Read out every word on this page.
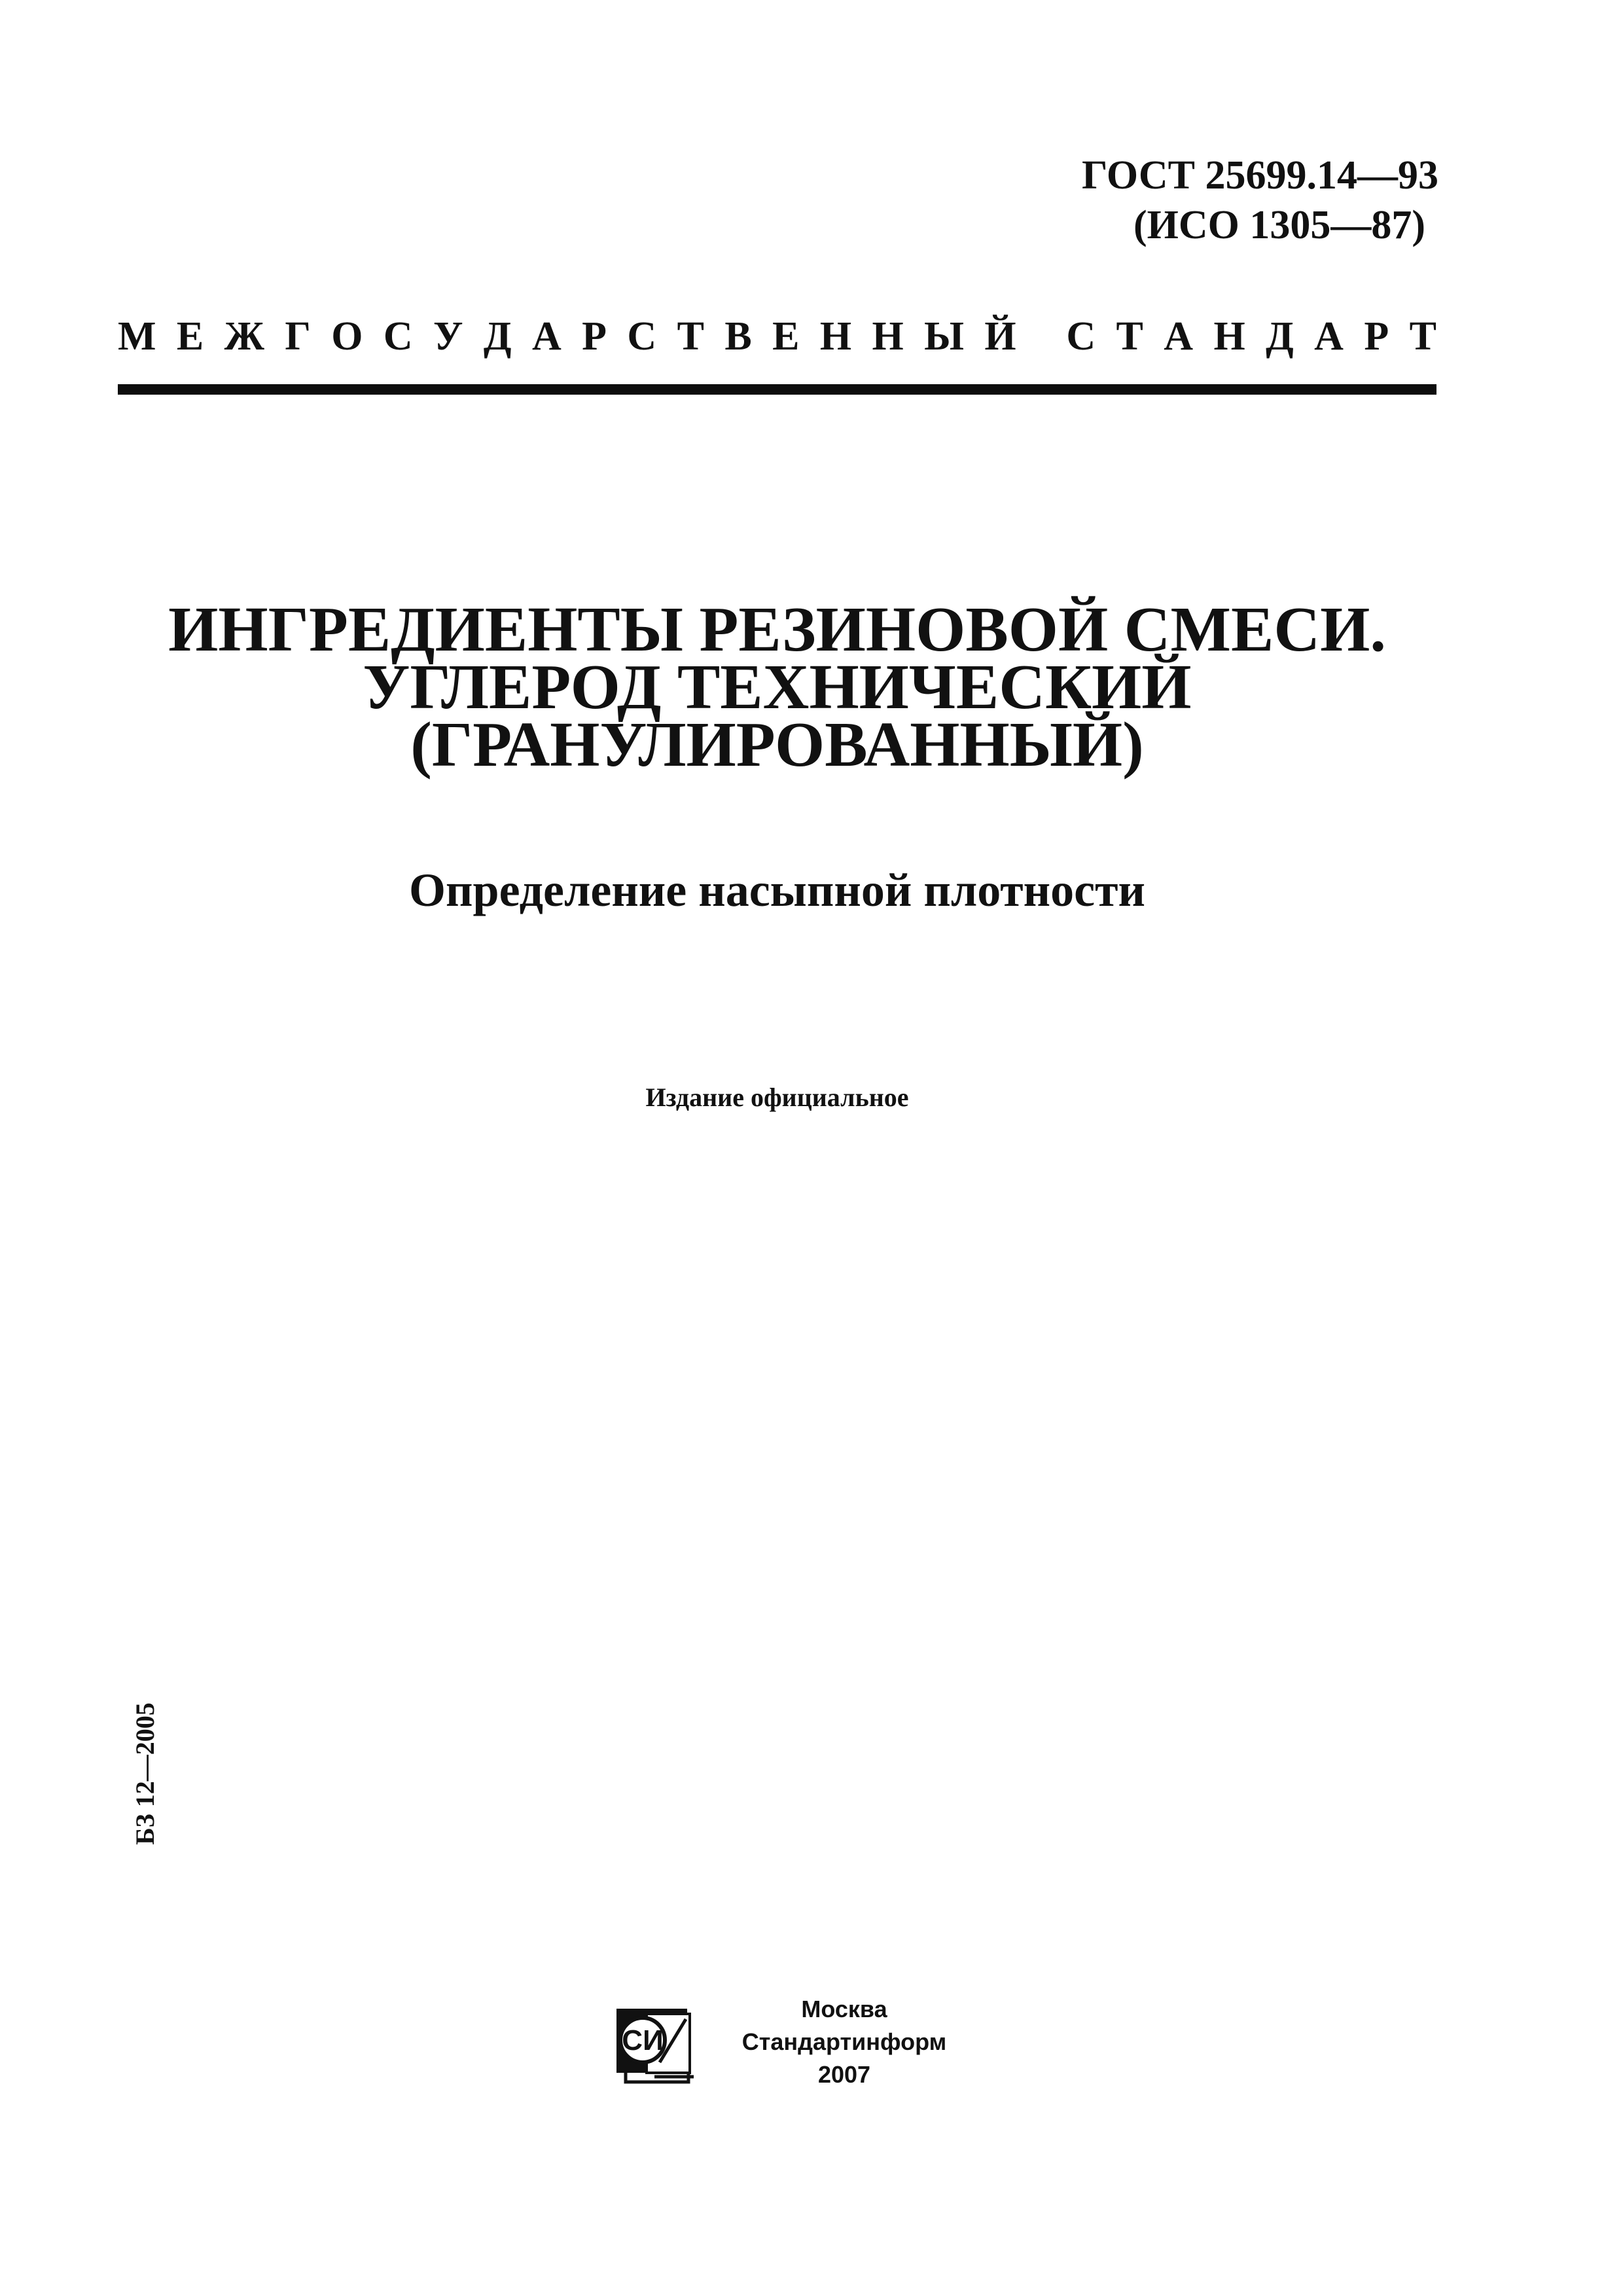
ГОСТ 25699.14—93
(ИСО 1305—87)
М Е Ж Г О С У Д А Р С Т В Е Н Н Ы Й С Т А Н Д А Р Т
ИНГРЕДИЕНТЫ РЕЗИНОВОЙ СМЕСИ.
УГЛЕРОД ТЕХНИЧЕСКИЙ
(ГРАНУЛИРОВАННЫЙ)
Определение насыпной плотности
Издание официальное
БЗ 12—2005
СИ
Москва
Стандартинформ
2007
